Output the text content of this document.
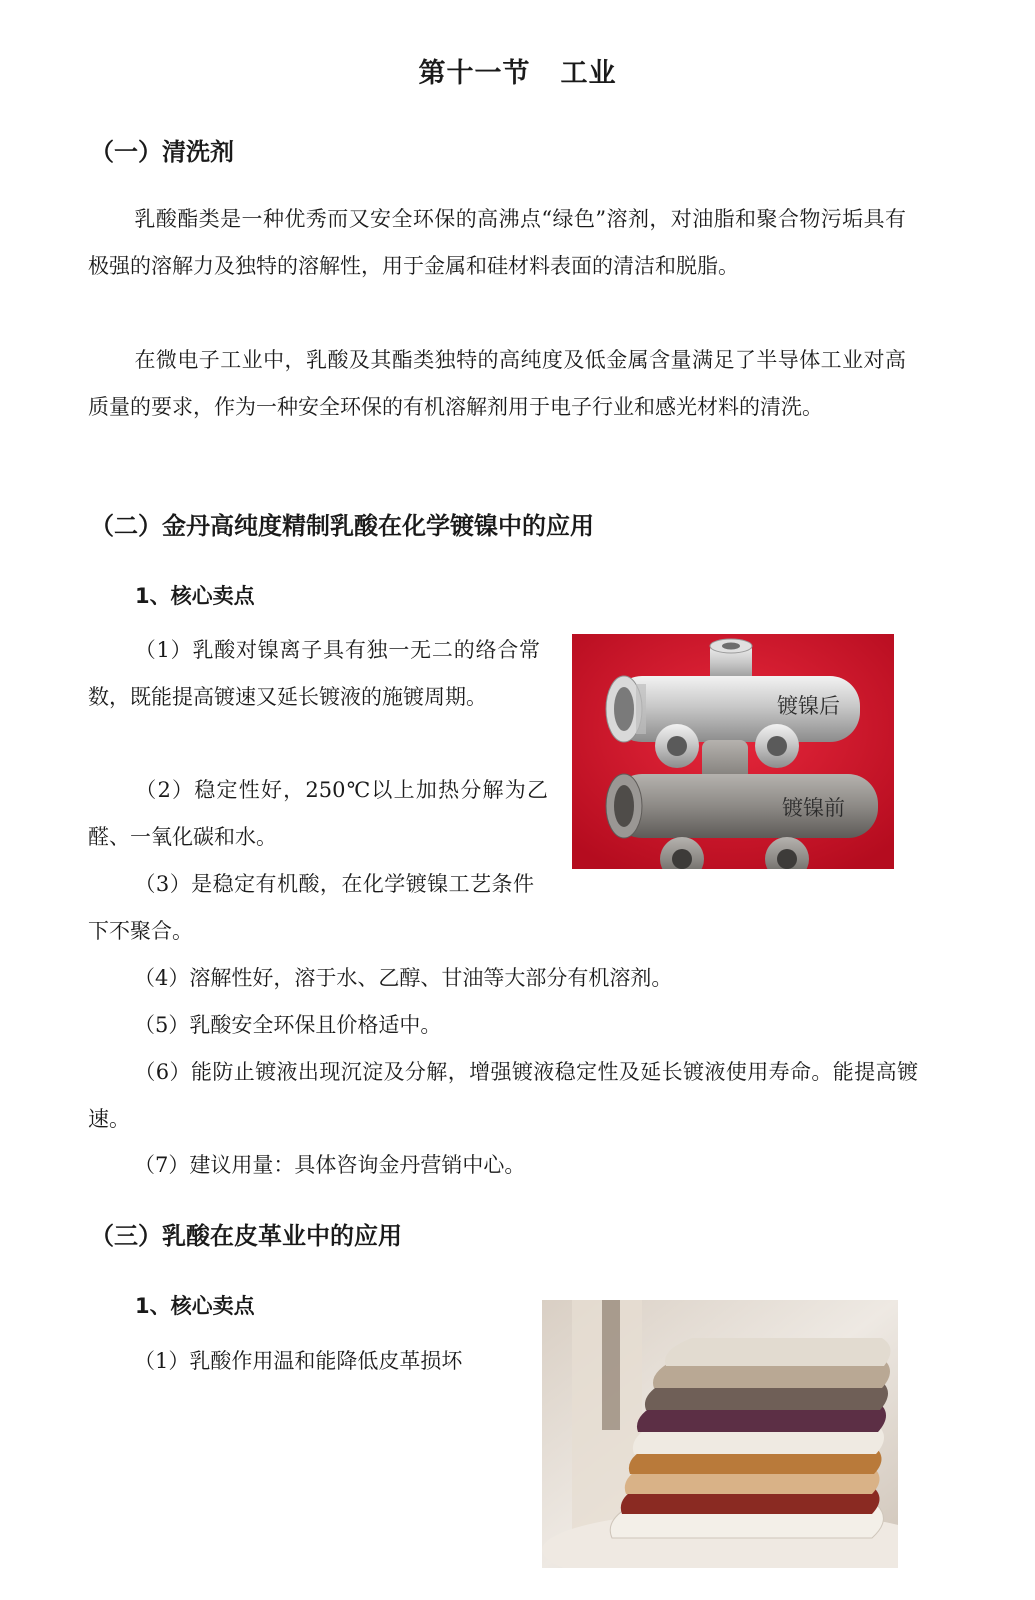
第十一节 工业
（一）清洗剂
乳酸酯类是一种优秀而又安全环保的高沸点“绿色”溶剂，对油脂和聚合物污垢具有极强的溶解力及独特的溶解性，用于金属和硅材料表面的清洁和脱脂。
在微电子工业中，乳酸及其酯类独特的高纯度及低金属含量满足了半导体工业对高质量的要求，作为一种安全环保的有机溶解剂用于电子行业和感光材料的清洗。
（二）金丹高纯度精制乳酸在化学镀镍中的应用
1、核心卖点
镀镍后
镀镍前
（1）乳酸对镍离子具有独一无二的络合常数，既能提高镀速又延长镀液的施镀周期。
（2）稳定性好，250℃以上加热分解为乙醛、一氧化碳和水。
（3）是稳定有机酸，在化学镀镍工艺条件下不聚合。
（4）溶解性好，溶于水、乙醇、甘油等大部分有机溶剂。
（5）乳酸安全环保且价格适中。
（6）能防止镀液出现沉淀及分解，增强镀液稳定性及延长镀液使用寿命。能提高镀速。
（7）建议用量：具体咨询金丹营销中心。
（三）乳酸在皮革业中的应用
1、核心卖点
（1）乳酸作用温和能降低皮革损坏
